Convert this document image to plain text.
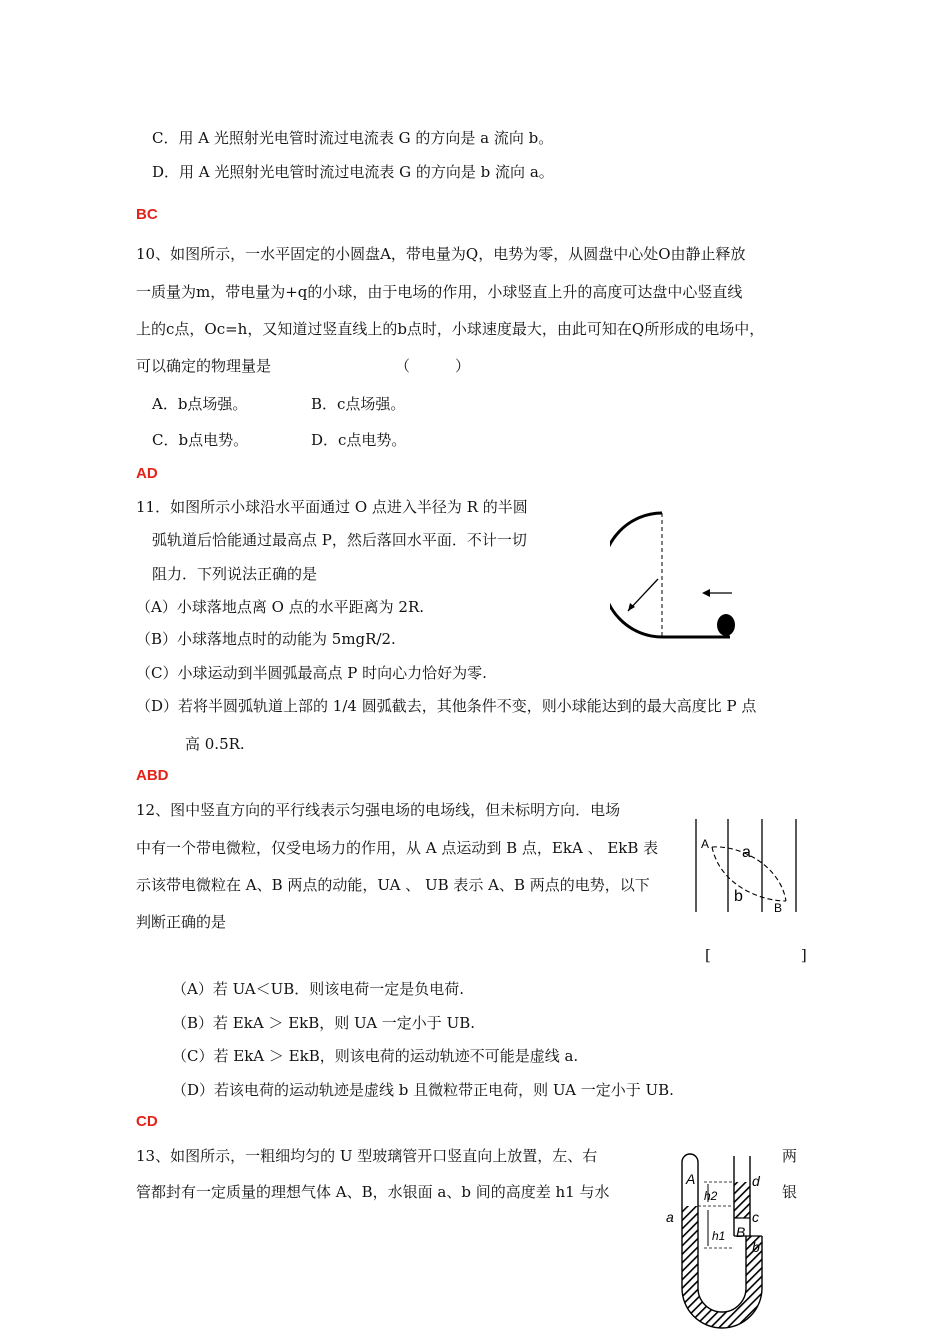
C．用 A 光照射光电管时流过电流表 G 的方向是 a 流向 b。
D．用 A 光照射光电管时流过电流表 G 的方向是 b 流向 a。
BC
10、如图所示，一水平固定的小圆盘A，带电量为Q，电势为零，从圆盘中心处O由静止释放
一质量为m，带电量为+q的小球，由于电场的作用，小球竖直上升的高度可达盘中心竖直线
上的c点，Oc=h，又知道过竖直线上的b点时，小球速度最大，由此可知在Q所形成的电场中，
可以确定的物理量是	（　　　）
A．b点场强。	B．c点场强。
C．b点电势。	D．c点电势。
AD
11．如图所示小球沿水平面通过 O 点进入半径为 R 的半圆
弧轨道后恰能通过最高点 P，然后落回水平面．不计一切
阻力．下列说法正确的是
（A）小球落地点离 O 点的水平距离为 2R.
（B）小球落地点时的动能为 5mgR/2.
（C）小球运动到半圆弧最高点 P 时向心力恰好为零.
（D）若将半圆弧轨道上部的 1/4 圆弧截去，其他条件不变，则小球能达到的最大高度比 P 点
高 0.5R.
ABD
12、图中竖直方向的平行线表示匀强电场的电场线，但未标明方向．电场
中有一个带电微粒，仅受电场力的作用，从 A 点运动到 B 点，EkA 、 EkB 表
示该带电微粒在 A、B 两点的动能，UA 、 UB 表示 A、B 两点的电势，以下
判断正确的是
[　　　　　　]
（A）若 UA＜UB．则该电荷一定是负电荷.
（B）若 EkA ＞ EkB，则 UA 一定小于 UB.
（C）若 EkA ＞ EkB，则该电荷的运动轨迹不可能是虚线 a.
（D）若该电荷的运动轨迹是虚线 b 且微粒带正电荷，则 UA 一定小于 UB.
CD
A a
b
B
13、如图所示，一粗细均匀的 U 型玻璃管开口竖直向上放置，左、右	两
管都封有一定质量的理想气体 A、B，水银面 a、b 间的高度差 h1 与水	银
A
h2
a
h1 B
d
c
b
